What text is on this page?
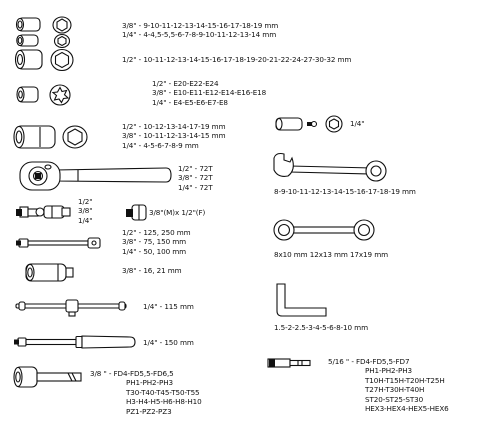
3/8" - 9-10-11-12-13-14-15-16-17-18-19 mm
1/4" - 4-4,5-5,5-6-7-8-9-10-11-12-13-14 mm
1/2" - 10-11-12-13-14-15-16-17-18-19-20-21-22-24-27-30-32 mm
1/2" - E20-E22-E24
3/8" - E10-E11-E12-E14-E16-E18
1/4" - E4-E5-E6-E7-E8
1/2" - 10-12-13-14-17-19 mm
3/8" - 10-11-12-13-14-15 mm
1/4" - 4-5-6-7-8-9 mm
1/2" - 72T
3/8" - 72T
1/4" - 72T
1/2"
3/8"
1/4"
3/8"(M)x 1/2"(F)
1/2" - 125, 250 mm
3/8" - 75, 150 mm
1/4" - 50, 100 mm
3/8" - 16, 21 mm
1/4" - 115 mm
1/4" - 150 mm
3/8 " - FD4-FD5,5-FD6,5
PH1-PH2-PH3
T30-T40-T45-T50-T55
H3-H4-H5-H6-H8-H10
PZ1-PZ2-PZ3
1/4"
8-9-10-11-12-13-14-15-16-17-18-19 mm
8x10 mm 12x13 mm 17x19 mm
1.5-2-2.5-3-4-5-6-8-10 mm
5/16 " - FD4-FD5,5-FD7
PH1-PH2-PH3
T10H-T15H-T20H-T25H
T27H-T30H-T40H
ST20-ST25-ST30
HEX3-HEX4-HEX5-HEX6
